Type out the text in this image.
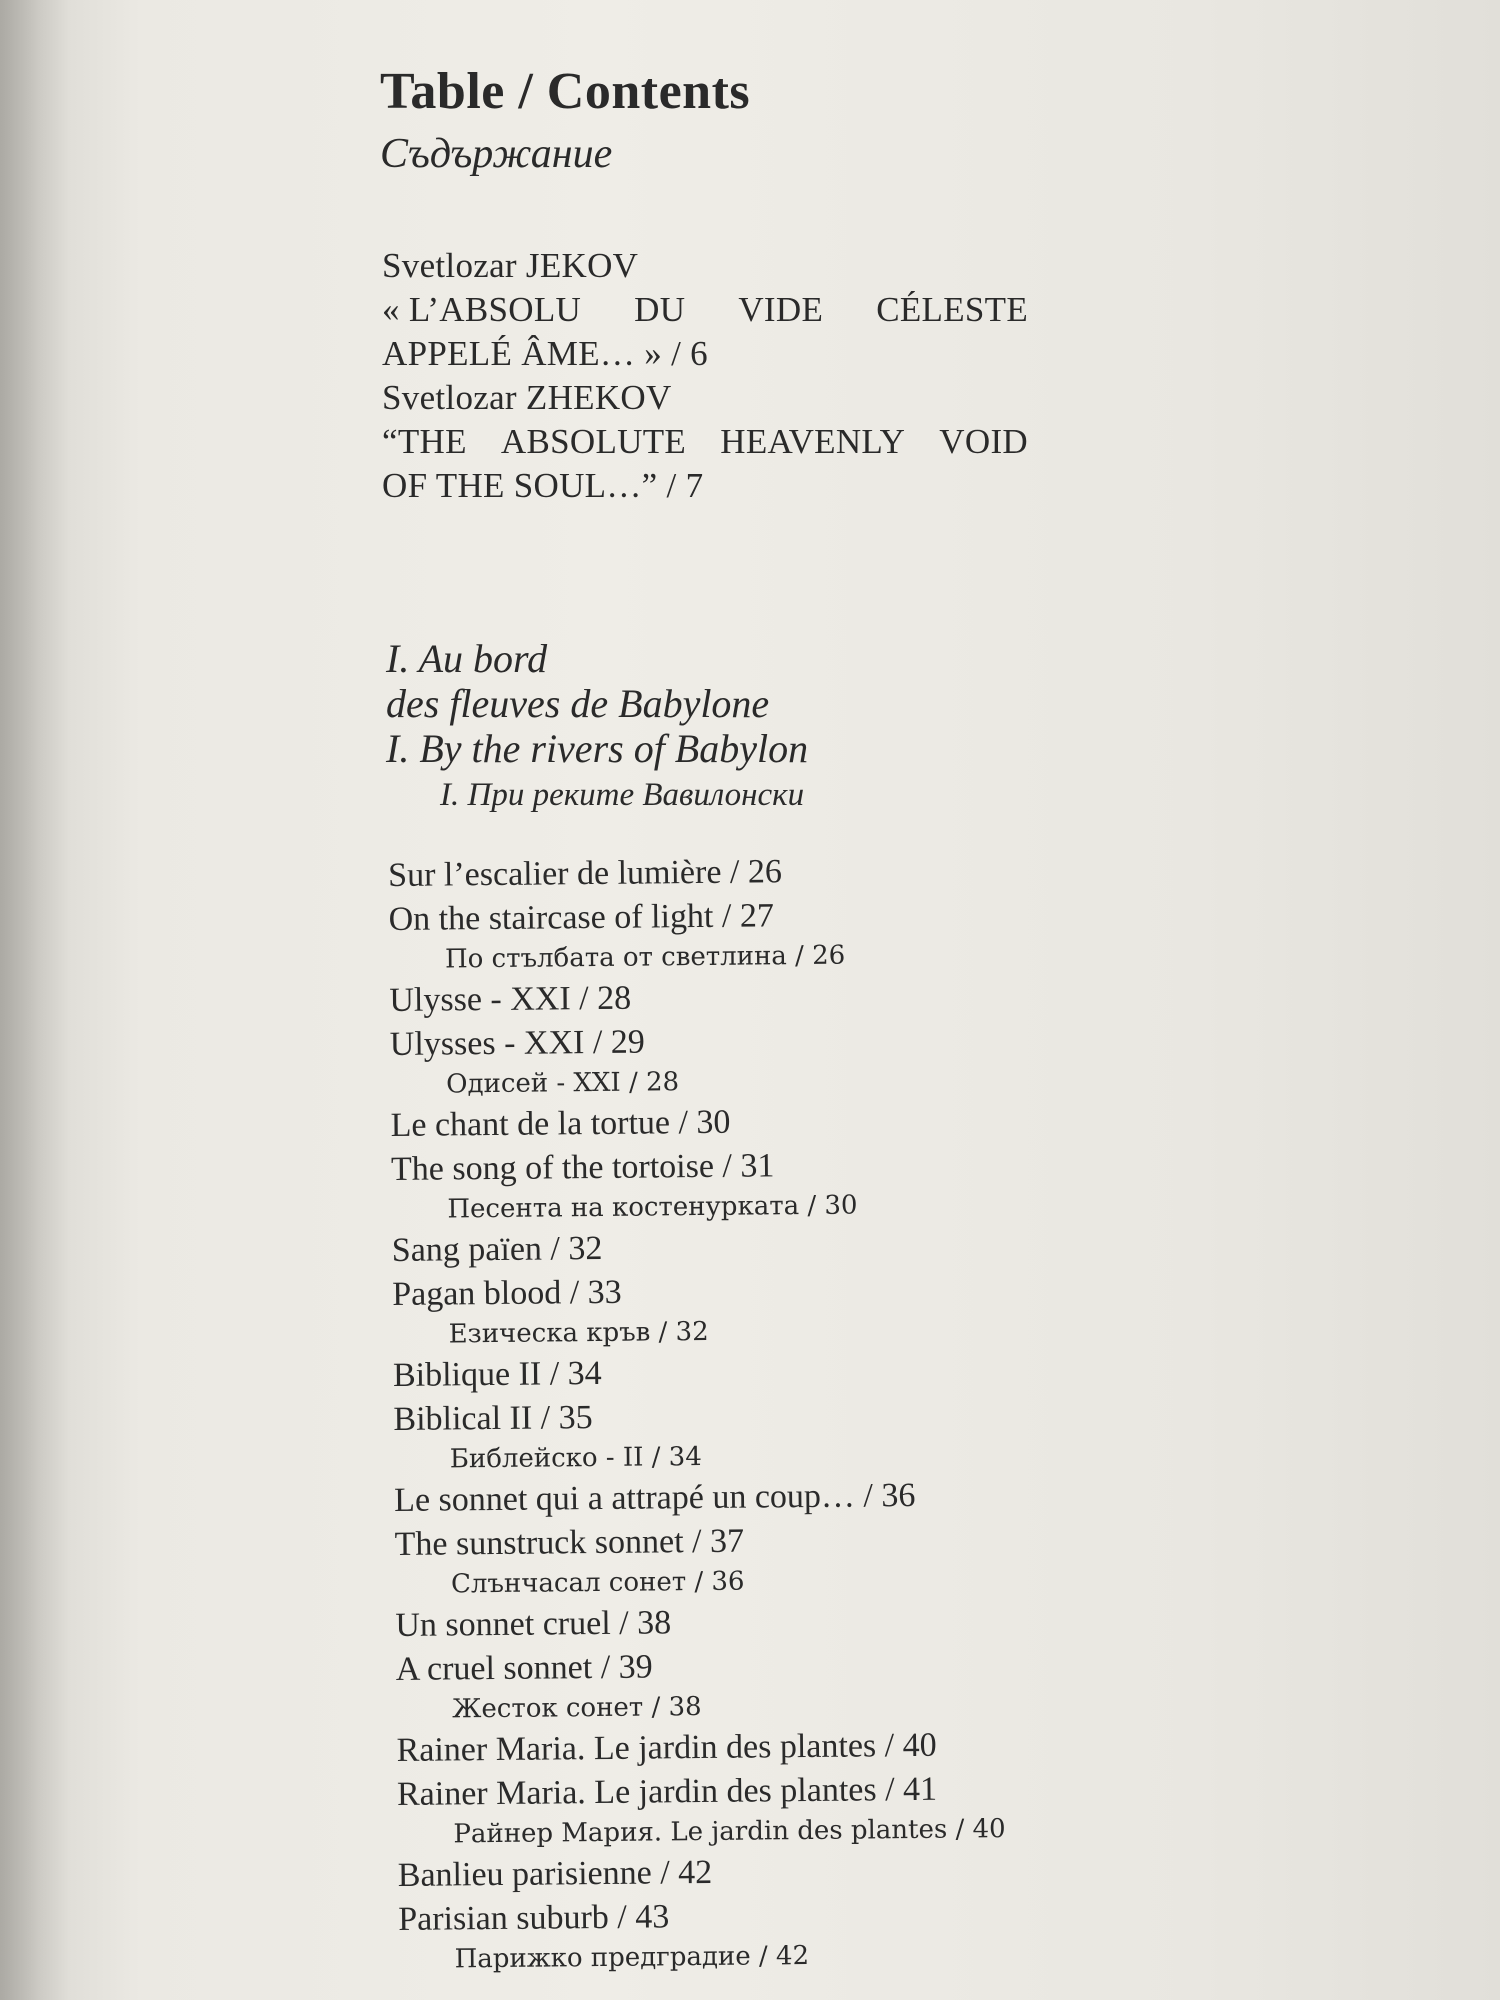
Table / Contents
Съдържание
Svetlozar JEKOV
« L’ABSOLU DU VIDE CÉLESTE
APPELÉ ÂME… » / 6
Svetlozar ZHEKOV
“THE ABSOLUTE HEAVENLY VOID
OF THE SOUL…” / 7
I. Au bord
des fleuves de Babylone
I. By the rivers of Babylon
I. При реките Вавилонски
Sur l’escalier de lumière / 26
On the staircase of light / 27
По стълбата от светлина / 26
Ulysse - XXI / 28
Ulysses - XXI / 29
Одисей - XXI / 28
Le chant de la tortue / 30
The song of the tortoise / 31
Песента на костенурката / 30
Sang païen / 32
Pagan blood / 33
Езическа кръв / 32
Biblique II / 34
Biblical II / 35
Библейско - II / 34
Le sonnet qui a attrapé un coup… / 36
The sunstruck sonnet / 37
Слънчасал сонет / 36
Un sonnet cruel / 38
A cruel sonnet / 39
Жесток сонет / 38
Rainer Maria. Le jardin des plantes / 40
Rainer Maria. Le jardin des plantes / 41
Райнер Мария. Le jardin des plantes / 40
Banlieu parisienne / 42
Parisian suburb / 43
Парижко предградие / 42
